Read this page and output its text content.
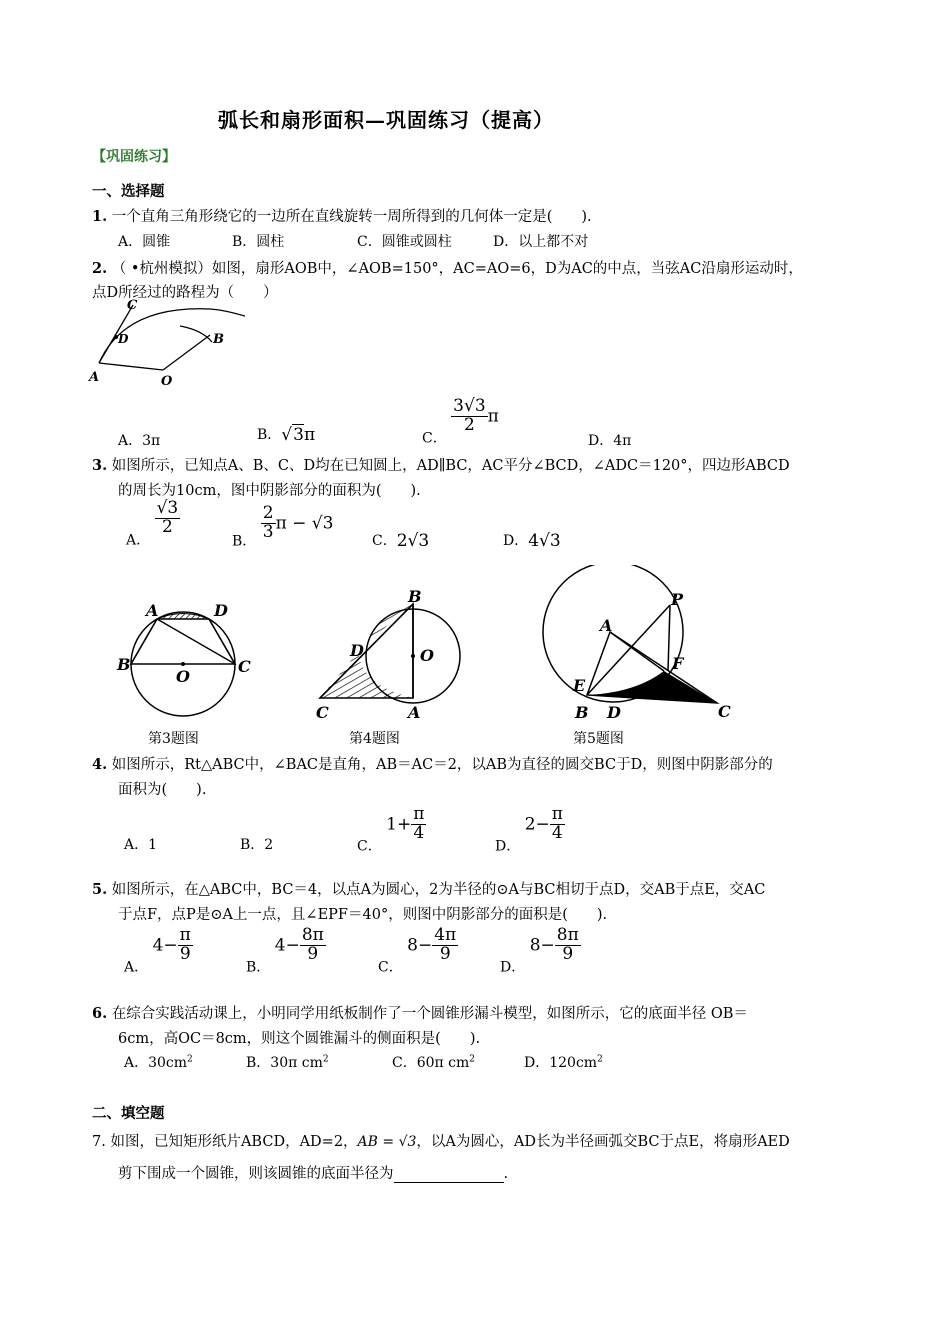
弧长和扇形面积—巩固练习（提高）
【巩固练习】
一、选择题
1. 一个直角三角形绕它的一边所在直线旋转一周所得到的几何体一定是(　　).
A．圆锥	B．圆柱	C．圆锥或圆柱	D．以上都不对
2. （ •杭州模拟）如图，扇形AOB中，∠AOB=150°，AC=AO=6，D为AC的中点，当弦AC沿扇形运动时，
点D所经过的路程为（　　）
A
C
D
O
B
A．3π	B．√3π	C．
$\frac{3√3}{2}$ π
D．4π
3. 如图所示，已知点A、B、C、D均在已知圆上，AD∥BC，AC平分∠BCD，∠ADC＝120°，四边形ABCD
的周长为10cm，图中阴影部分的面积为(　　).
A．
$\frac{√3}{2}$
B． $\frac{2}{3}$ π − √3
C．2√3	D．4√3
A	D
B	C
O
B
O
D
C	A
A
P
E
F
B D	C
第3题图	第4题图	第5题图
4. 如图所示，Rt△ABC中，∠BAC是直角，AB＝AC＝2，以AB为直径的圆交BC于D，则图中阴影部分的
面积为(　　).
A．1	B．2	C． $1+ \frac{\pi}{4}$
D． $2- \frac{\pi}{4}$
5. 如图所示，在△ABC中，BC＝4，以点A为圆心，2为半径的⊙A与BC相切于点D，交AB于点E，交AC
于点F，点P是⊙A上一点，且∠EPF＝40°，则图中阴影部分的面积是(　　).
A． $4- \frac{\pi}{9}$
B． $4- \frac{8\pi}{9}$
C． $8- \frac{4\pi}{9}$
D． $8- \frac{8\pi}{9}$
6. 在综合实践活动课上，小明同学用纸板制作了一个圆锥形漏斗模型，如图所示，它的底面半径 OB＝
6cm，高OC＝8cm，则这个圆锥漏斗的侧面积是(　　).
A．$30cm^2$	B．30π $cm^2$	C．60π $cm^2$	D．$120cm^2$
二、填空题
7. 如图，已知矩形纸片ABCD，AD=2，AB = √3，以A为圆心，AD长为半径画弧交BC于点E，将扇形AED
剪下围成一个圆锥，则该圆锥的底面半径为	.
